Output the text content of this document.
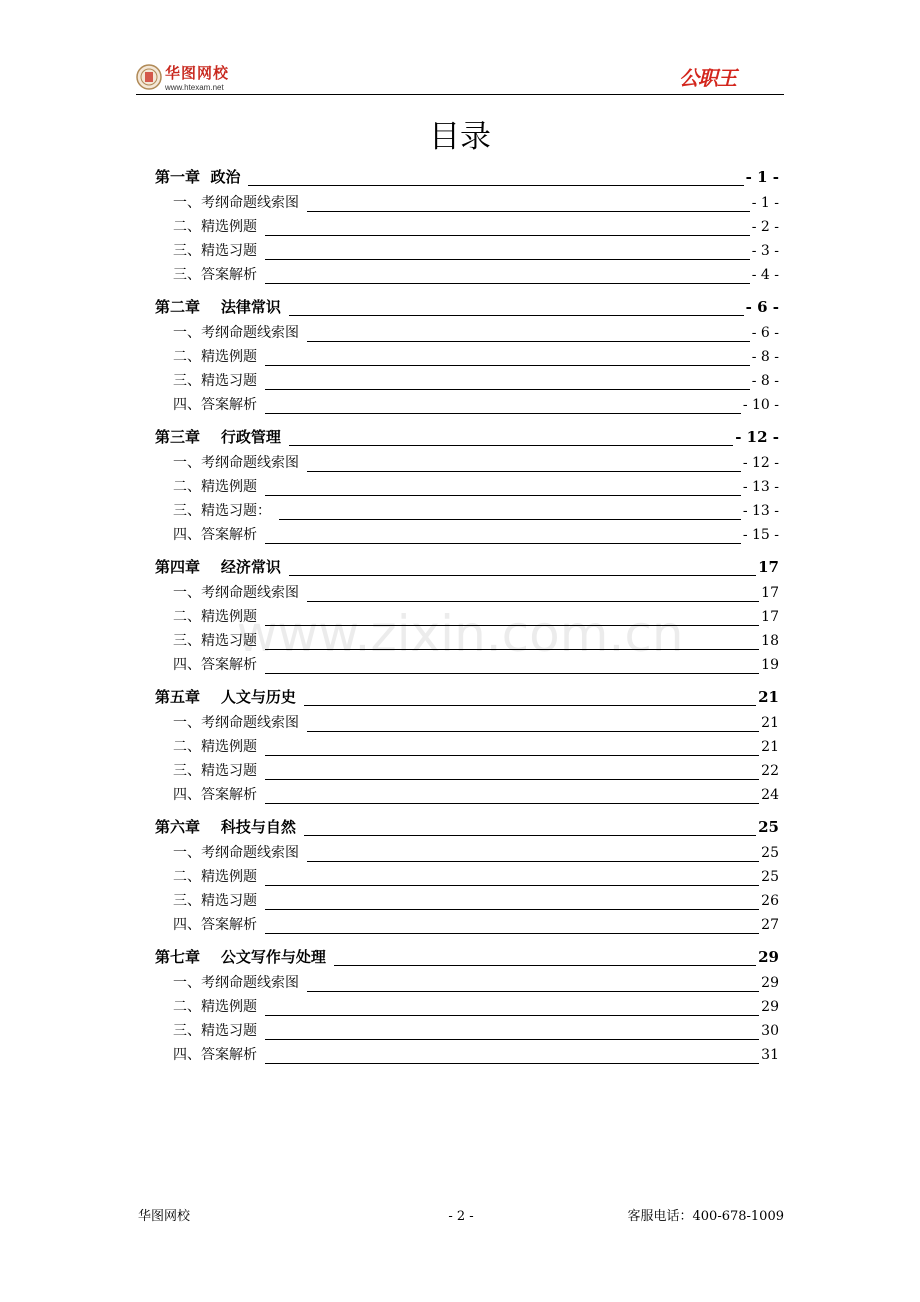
华图网校
www.htexam.net	公职王
目录
第一章  政治	- 1 -
一、考纲命题线索图	- 1 -
二、精选例题	- 2 -
三、精选习题	- 3 -
三、答案解析	- 4 -
第二章    法律常识	- 6 -
一、考纲命题线索图	- 6 -
二、精选例题	- 8 -
三、精选习题	- 8 -
四、答案解析	- 10 -
第三章    行政管理	- 12 -
一、考纲命题线索图	- 12 -
二、精选例题	- 13 -
三、精选习题：	- 13 -
四、答案解析	- 15 -
第四章    经济常识	17
一、考纲命题线索图	17
二、精选例题	17
三、精选习题	18
四、答案解析	19
第五章    人文与历史	21
一、考纲命题线索图	21
二、精选例题	21
三、精选习题	22
四、答案解析	24
第六章    科技与自然	25
一、考纲命题线索图	25
二、精选例题	25
三、精选习题	26
四、答案解析	27
第七章    公文写作与处理	29
一、考纲命题线索图	29
二、精选例题	29
三、精选习题	30
四、答案解析	31
www.zixin.com.cn
华图网校	- 2 -	客服电话：400-678-1009
